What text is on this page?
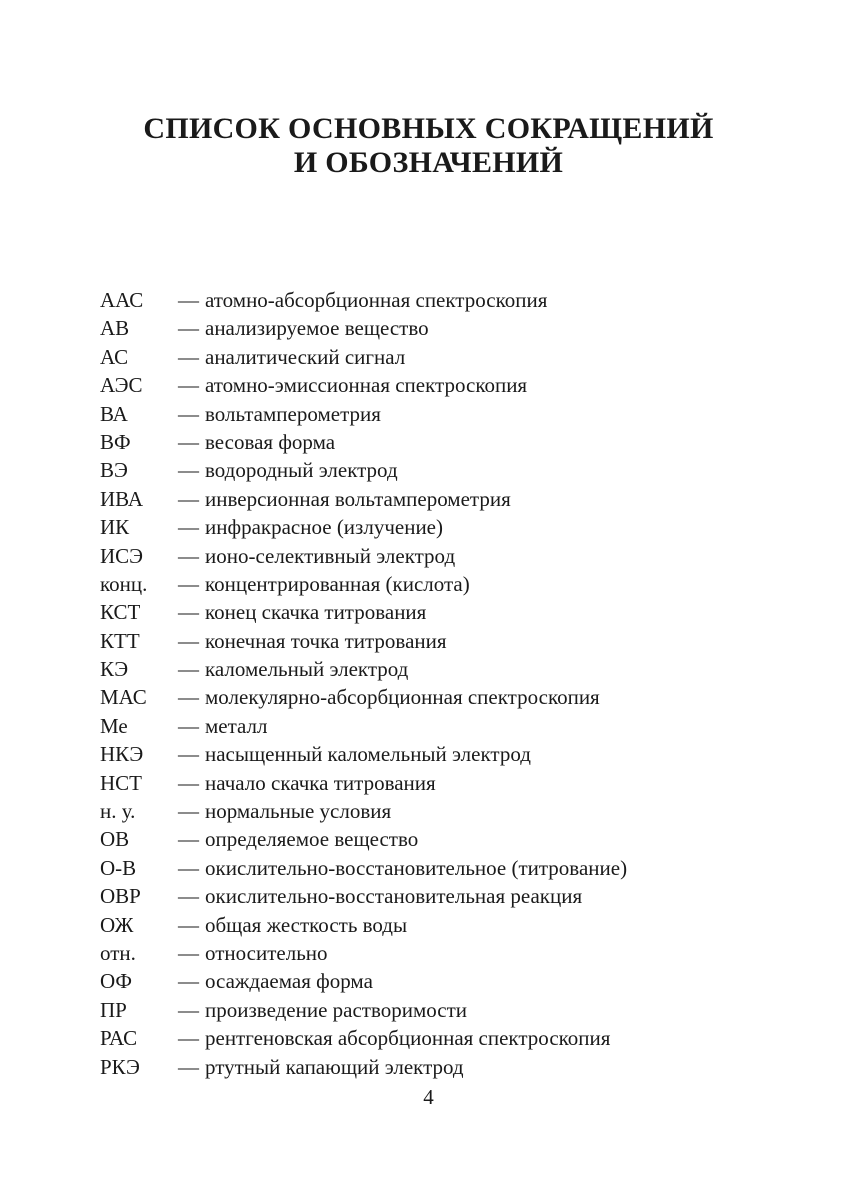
СПИСОК ОСНОВНЫХ СОКРАЩЕНИЙ
И ОБОЗНАЧЕНИЙ
ААС	— атомно-абсорбционная спектроскопия
АВ	— анализируемое вещество
АС	— аналитический сигнал
АЭС	— атомно-эмиссионная спектроскопия
ВА	— вольтамперометрия
ВФ	— весовая форма
ВЭ	— водородный электрод
ИВА	— инверсионная вольтамперометрия
ИК	— инфракрасное (излучение)
ИСЭ	— ионо-селективный электрод
конц.	— концентрированная (кислота)
КСТ	— конец скачка титрования
КТТ	— конечная точка титрования
КЭ	— каломельный электрод
МАС	— молекулярно-абсорбционная спектроскопия
Ме	— металл
НКЭ	— насыщенный каломельный электрод
НСТ	— начало скачка титрования
н. у.	— нормальные условия
ОВ	— определяемое вещество
О-В	— окислительно-восстановительное (титрование)
ОВР	— окислительно-восстановительная реакция
ОЖ	— общая жесткость воды
отн.	— относительно
ОФ	— осаждаемая форма
ПР	— произведение растворимости
РАС	— рентгеновская абсорбционная спектроскопия
РКЭ	— ртутный капающий электрод
4
